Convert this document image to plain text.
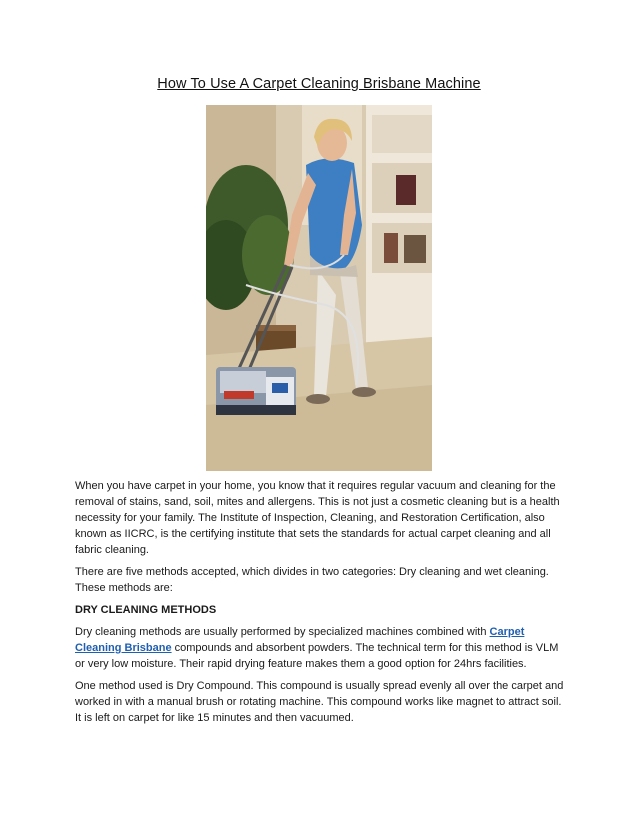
How To Use A Carpet Cleaning Brisbane Machine

When you have carpet in your home, you know that it requires regular vacuum and cleaning for the removal of stains, sand, soil, mites and allergens. This is not just a cosmetic cleaning but is a health necessity for your family. The Institute of Inspection, Cleaning, and Restoration Certification, also known as IICRC, is the certifying institute that sets the standards for actual carpet cleaning and all fabric cleaning.

There are five methods accepted, which divides in two categories: Dry cleaning and wet cleaning. These methods are:

DRY CLEANING METHODS

Dry cleaning methods are usually performed by specialized machines combined with Carpet Cleaning Brisbane compounds and absorbent powders. The technical term for this method is VLM or very low moisture. Their rapid drying feature makes them a good option for 24hrs facilities.

One method used is Dry Compound. This compound is usually spread evenly all over the carpet and worked in with a manual brush or rotating machine. This compound works like magnet to attract soil. It is left on carpet for like 15 minutes and then vacuumed.
